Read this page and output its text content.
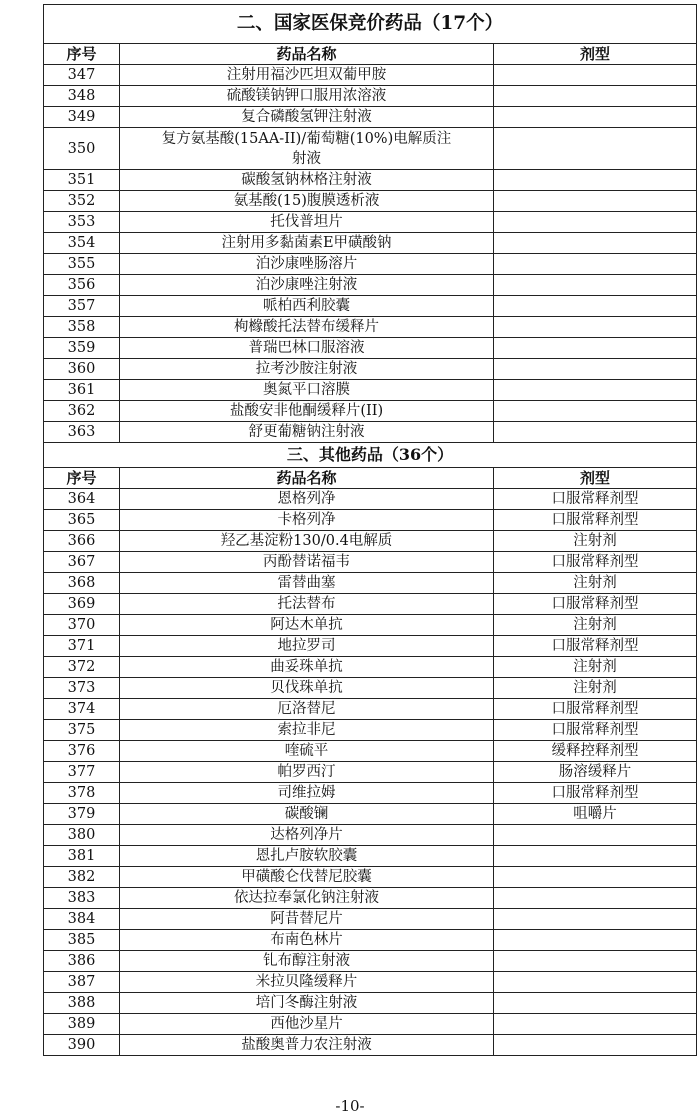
二、国家医保竞价药品（17个）		
序号	药品名称	剂型
347	注射用福沙匹坦双葡甲胺	
348	硫酸镁钠钾口服用浓溶液	
349	复合磷酸氢钾注射液	
350	复方氨基酸(15AA-II)/葡萄糖(10%)电解质注射液	
351	碳酸氢钠林格注射液	
352	氨基酸(15)腹膜透析液	
353	托伐普坦片	
354	注射用多黏菌素E甲磺酸钠	
355	泊沙康唑肠溶片	
356	泊沙康唑注射液	
357	哌柏西利胶囊	
358	枸橼酸托法替布缓释片	
359	普瑞巴林口服溶液	
360	拉考沙胺注射液	
361	奥氮平口溶膜	
362	盐酸安非他酮缓释片(II)	
363	舒更葡糖钠注射液	
三、其他药品（36个）		
序号	药品名称	剂型
364	恩格列净	口服常释剂型
365	卡格列净	口服常释剂型
366	羟乙基淀粉130/0.4电解质	注射剂
367	丙酚替诺福韦	口服常释剂型
368	雷替曲塞	注射剂
369	托法替布	口服常释剂型
370	阿达木单抗	注射剂
371	地拉罗司	口服常释剂型
372	曲妥珠单抗	注射剂
373	贝伐珠单抗	注射剂
374	厄洛替尼	口服常释剂型
375	索拉非尼	口服常释剂型
376	喹硫平	缓释控释剂型
377	帕罗西汀	肠溶缓释片
378	司维拉姆	口服常释剂型
379	碳酸镧	咀嚼片
380	达格列净片	
381	恩扎卢胺软胶囊	
382	甲磺酸仑伐替尼胶囊	
383	依达拉奉氯化钠注射液	
384	阿昔替尼片	
385	布南色林片	
386	钆布醇注射液	
387	米拉贝隆缓释片	
388	培门冬酶注射液	
389	西他沙星片	
390	盐酸奥普力农注射液	
-10-
